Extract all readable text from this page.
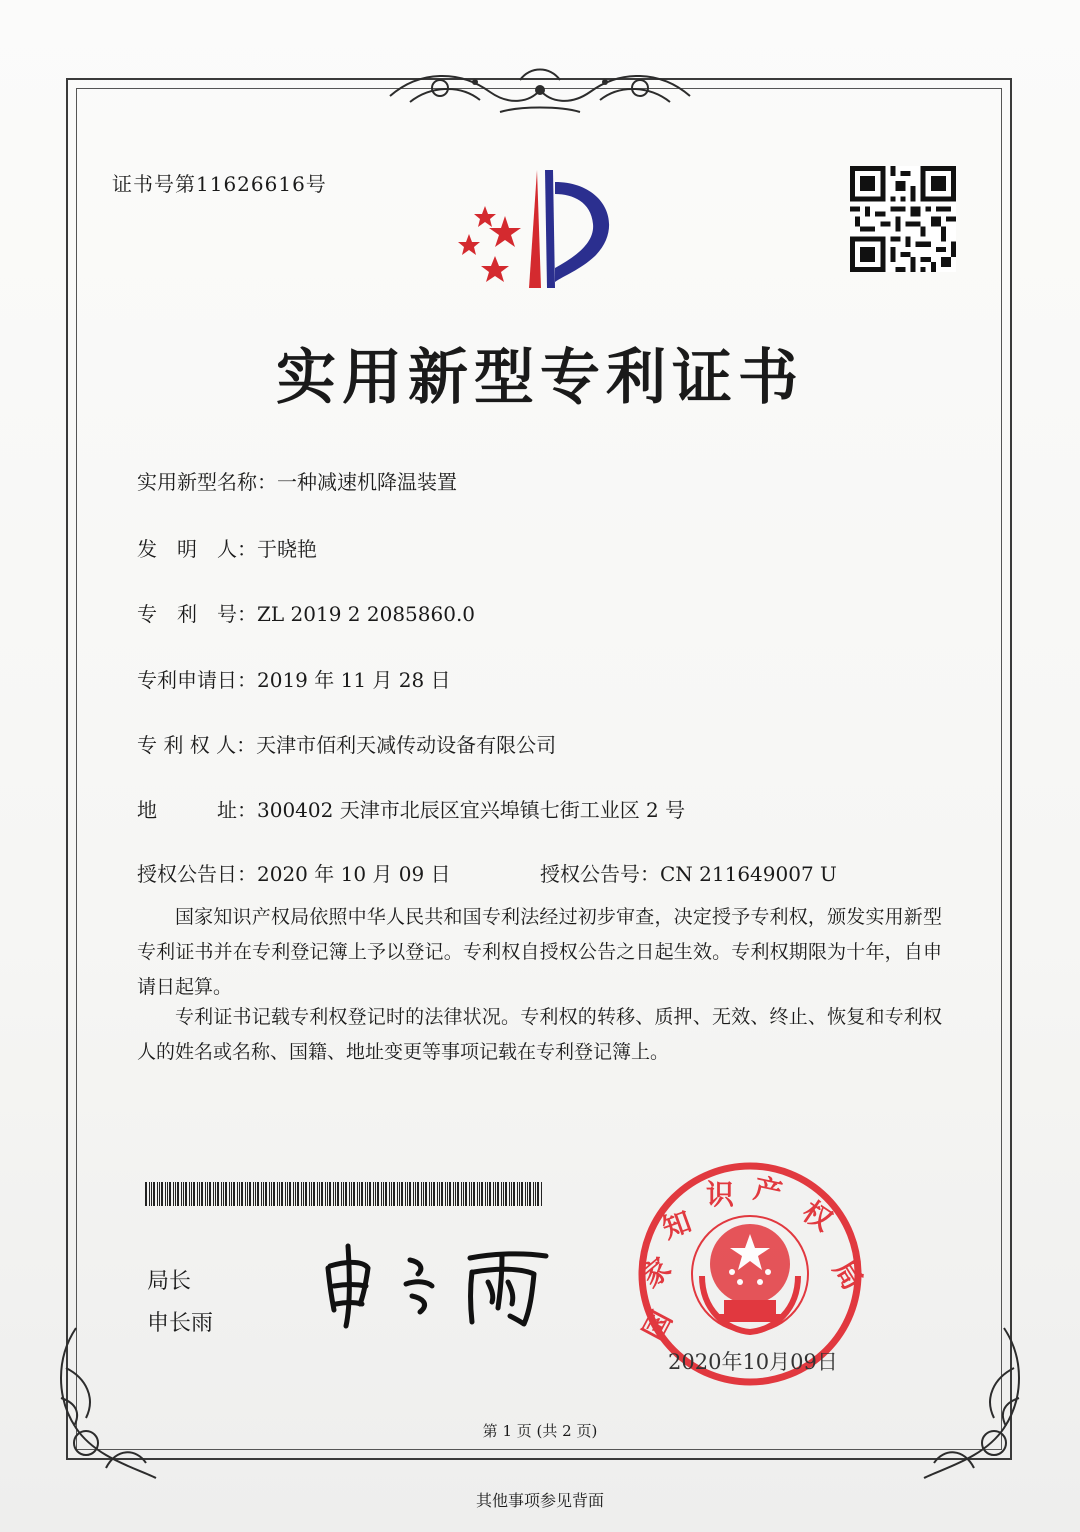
证书号第11626616号
实用新型专利证书
实用新型名称：一种减速机降温装置
发　明　人：于晓艳
专　利　号：ZL 2019 2 2085860.0
专利申请日：2019 年 11 月 28 日
专 利 权 人：天津市佰利天减传动设备有限公司
地　　　址：300402 天津市北辰区宜兴埠镇七街工业区 2 号
授权公告日：2020 年 10 月 09 日	授权公告号：CN 211649007 U
国家知识产权局依照中华人民共和国专利法经过初步审查，决定授予专利权，颁发实用新型专利证书并在专利登记簿上予以登记。专利权自授权公告之日起生效。专利权期限为十年，自申请日起算。
专利证书记载专利权登记时的法律状况。专利权的转移、质押、无效、终止、恢复和专利权人的姓名或名称、国籍、地址变更等事项记载在专利登记簿上。
局长
申长雨	国
家
知
识 产
权
局
2020年10月09日
第 1 页 (共 2 页)
其他事项参见背面
